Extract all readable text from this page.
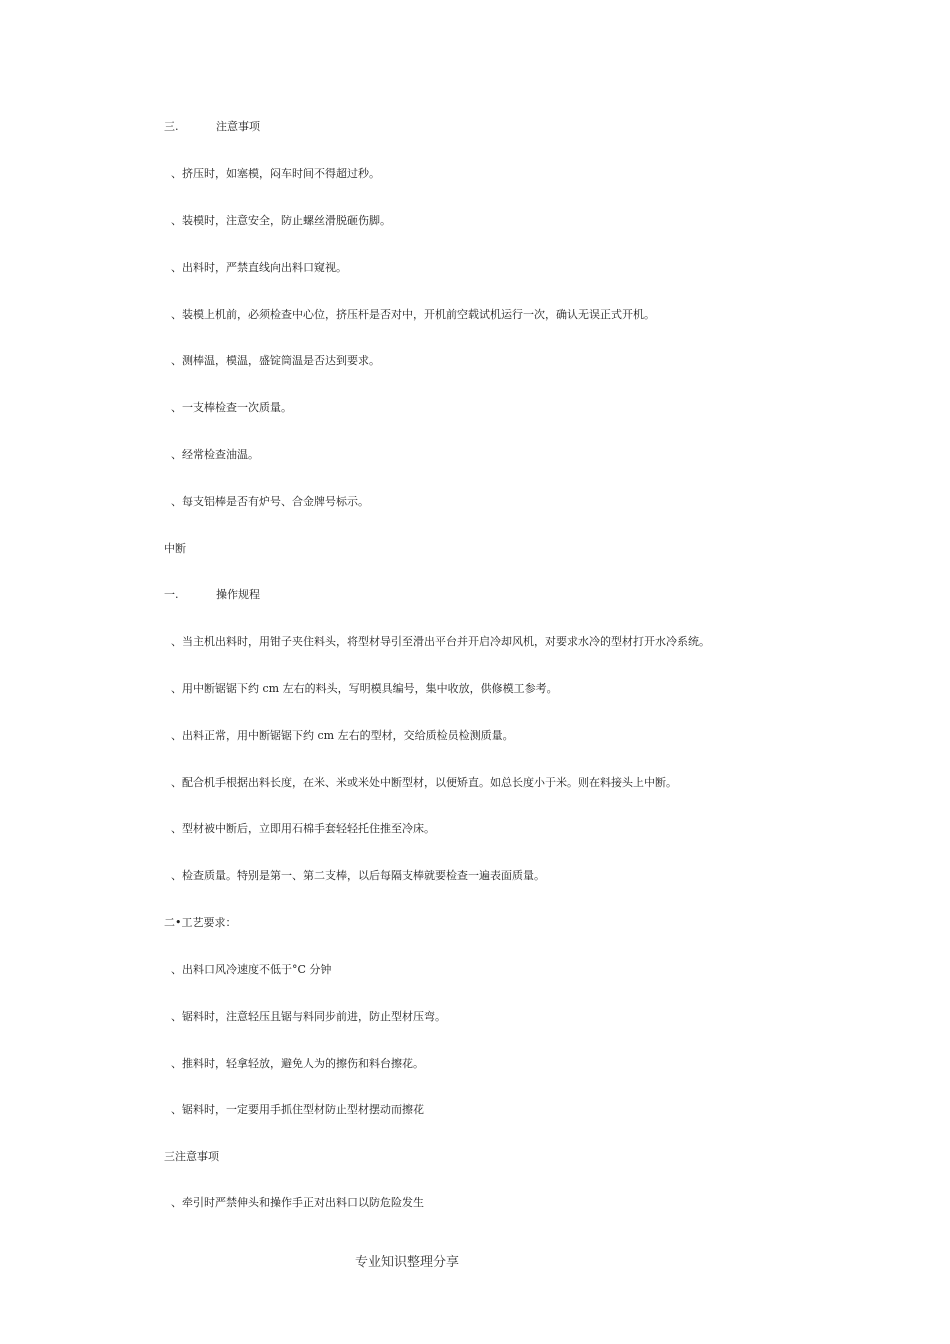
三.	注意事项
、挤压时，如塞模，闷车时间不得超过秒。
、装模时，注意安全，防止螺丝滑脱砸伤脚。
、出料时，严禁直线向出料口窥视。
、装模上机前，必须检查中心位，挤压杆是否对中，开机前空载试机运行一次，确认无误正式开机。
、测棒温，模温，盛锭筒温是否达到要求。
、一支棒检查一次质量。
、经常检查油温。
、每支铝棒是否有炉号、合金牌号标示。
中断
一.	操作规程
、当主机出料时，用钳子夹住料头，将型材导引至滑出平台并开启冷却风机，对要求水冷的型材打开水冷系统。
、用中断锯锯下约 cm 左右的料头，写明模具编号，集中收放，供修模工参考。
、出料正常，用中断锯锯下约 cm 左右的型材，交给质检员检测质量。
、配合机手根据出料长度，在米、米或米处中断型材，以便矫直。如总长度小于米。则在料接头上中断。
、型材被中断后，立即用石棉手套轻轻托住推至冷床。
、检查质量。特别是第一、第二支棒，以后每隔支棒就要检查一遍表面质量。
二•工艺要求：
、出料口风冷速度不低于°C 分钟
、锯料时，注意轻压且锯与料同步前进，防止型材压弯。
、推料时，轻拿轻放，避免人为的擦伤和料台擦花。
、锯料时，一定要用手抓住型材防止型材摆动而擦花
三注意事项
、牵引时严禁伸头和操作手正对出料口以防危险发生
专业知识整理分享
